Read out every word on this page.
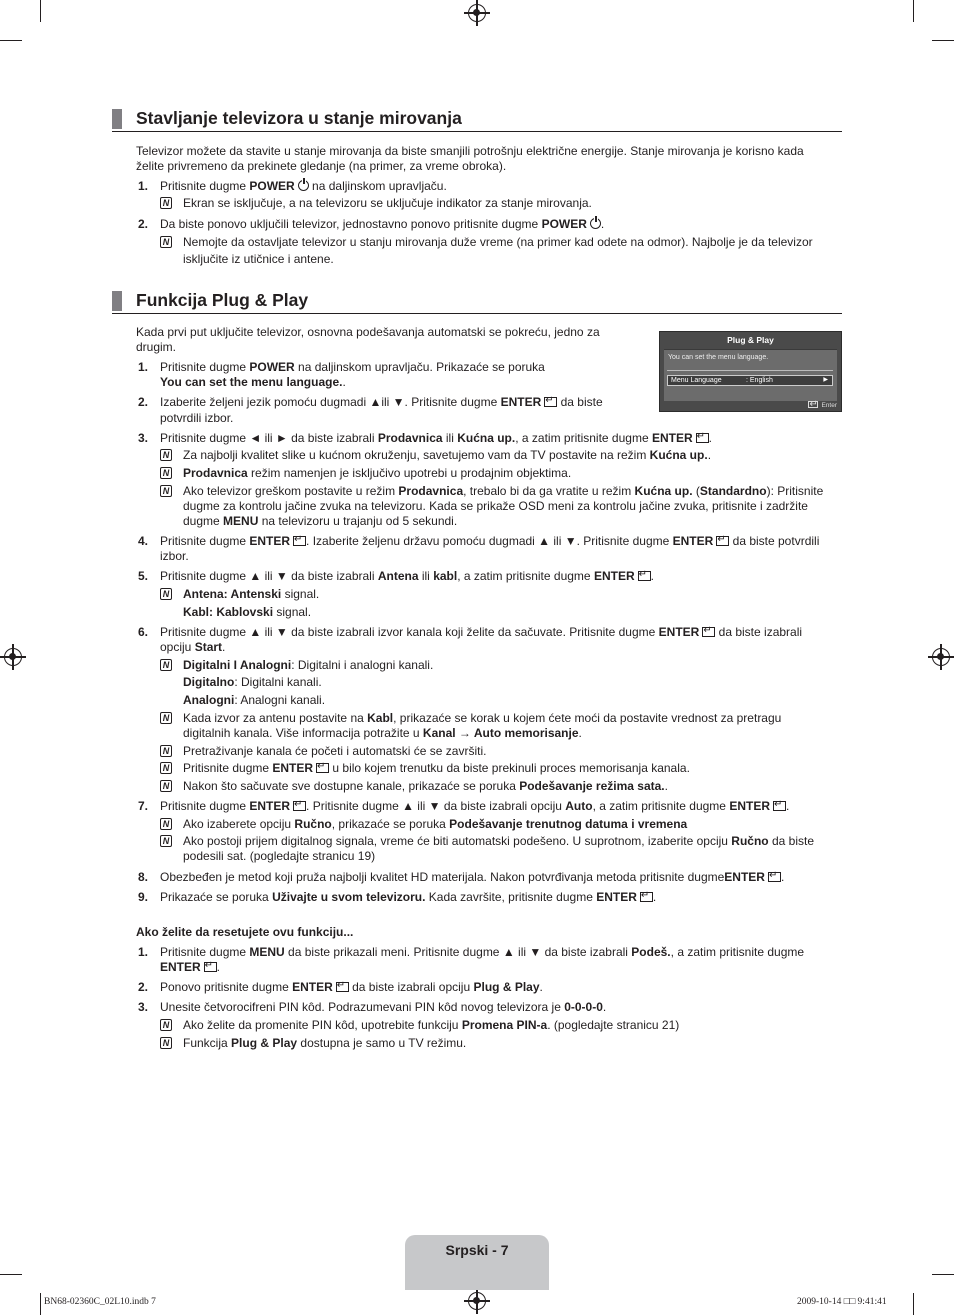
Stavljanje televizora u stanje mirovanja
Televizor možete da stavite u stanje mirovanja da biste smanjili potrošnju električne energije. Stanje mirovanja je korisno kada
želite privremeno da prekinete gledanje (na primer, za vreme obroka).
1. Pritisnite dugme POWER na daljinskom upravljaču.
N Ekran se isključuje, a na televizoru se uključuje indikator za stanje mirovanja.
2. Da biste ponovo uključili televizor, jednostavno ponovo pritisnite dugme POWER .
N Nemojte da ostavljate televizor u stanju mirovanja duže vreme (na primer kad odete na odmor). Najbolje je da televizor
isključite iz utičnice i antene.
Funkcija Plug & Play
Kada prvi put uključite televizor, osnovna podešavanja automatski se pokreću, jedno za
drugim.	Plug & Play
You can set the menu language.
Menu Language	: English	▶
↵Enter
1. Pritisnite dugme POWER na daljinskom upravljaču. Prikazaće se poruka
You can set the menu language..
2. Izaberite željeni jezik pomoću dugmadi ▲ili ▼. Pritisnite dugme ENTER↵ da biste
potvrdili izbor.
3. Pritisnite dugme ◄ ili ► da biste izabrali Prodavnica ili Kućna up., a zatim pritisnite dugme ENTER ↵ .
N Za najbolji kvalitet slike u kućnom okruženju, savetujemo vam da TV postavite na režim Kućna up..
N Prodavnica režim namenjen je isključivo upotrebi u prodajnim objektima.
N Ako televizor greškom postavite u režim Prodavnica, trebalo bi da ga vratite u režim Kućna up. (Standardno): Pritisnite
dugme za kontrolu jačine zvuka na televizoru. Kada se prikaže OSD meni za kontrolu jačine zvuka, pritisnite i zadržite
dugme MENU na televizoru u trajanju od 5 sekundi.
4. Pritisnite dugme ENTER ↵ . Izaberite željenu državu pomoću dugmadi ▲ ili ▼. Pritisnite dugme ENTER↵ da biste potvrdili
izbor.
5. Pritisnite dugme ▲ ili ▼ da biste izabrali Antena ili kabl, a zatim pritisnite dugme ENTER ↵ .
N Antena: Antenski signal.
Kabl: Kablovski signal.
6. Pritisnite dugme ▲ ili ▼ da biste izabrali izvor kanala koji želite da sačuvate. Pritisnite dugme ENTER↵ da biste izabrali
opciju Start.
N Digitalni I Analogni: Digitalni i analogni kanali.
Digitalno: Digitalni kanali.
Analogni: Analogni kanali.
N Kada izvor za antenu postavite na Kabl, prikazaće se korak u kojem ćete moći da postavite vrednost za pretragu
digitalnih kanala. Više informacija potražite u Kanal → Auto memorisanje.
N Pretraživanje kanala će početi i automatski će se završiti.
N Pritisnite dugme ENTER↵ u bilo kojem trenutku da biste prekinuli proces memorisanja kanala.
N Nakon što sačuvate sve dostupne kanale, prikazaće se poruka Podešavanje režima sata..
7. Pritisnite dugme ENTER ↵ . Pritisnite dugme ▲ ili ▼ da biste izabrali opciju Auto, a zatim pritisnite dugme ENTER ↵ .
N Ako izaberete opciju Ručno, prikazaće se poruka Podešavanje trenutnog datuma i vremena
N Ako postoji prijem digitalnog signala, vreme će biti automatski podešeno. U suprotnom, izaberite opciju Ručno da biste
podesili sat. (pogledajte stranicu 19)
8. Obezbeđen je metod koji pruža najbolji kvalitet HD materijala. Nakon potvrđivanja metoda pritisnite dugmeENTER ↵ .
9. Prikazaće se poruka Uživajte u svom televizoru. Kada završite, pritisnite dugme ENTER ↵ .
Ako želite da resetujete ovu funkciju...
1. Pritisnite dugme MENU da biste prikazali meni. Pritisnite dugme ▲ ili ▼ da biste izabrali Podeš., a zatim pritisnite dugme
ENTER ↵ .
2. Ponovo pritisnite dugme ENTER↵ da biste izabrali opciju Plug & Play.
3. Unesite četvorocifreni PIN kôd. Podrazumevani PIN kôd novog televizora je 0-0-0-0.
N Ako želite da promenite PIN kôd, upotrebite funkciju Promena PIN-a. (pogledajte stranicu 21)
N Funkcija Plug & Play dostupna je samo u TV režimu.
Srpski - 7
BN68-02360C_02L10.indb 7	2009-10-14 □□ 9:41:41
